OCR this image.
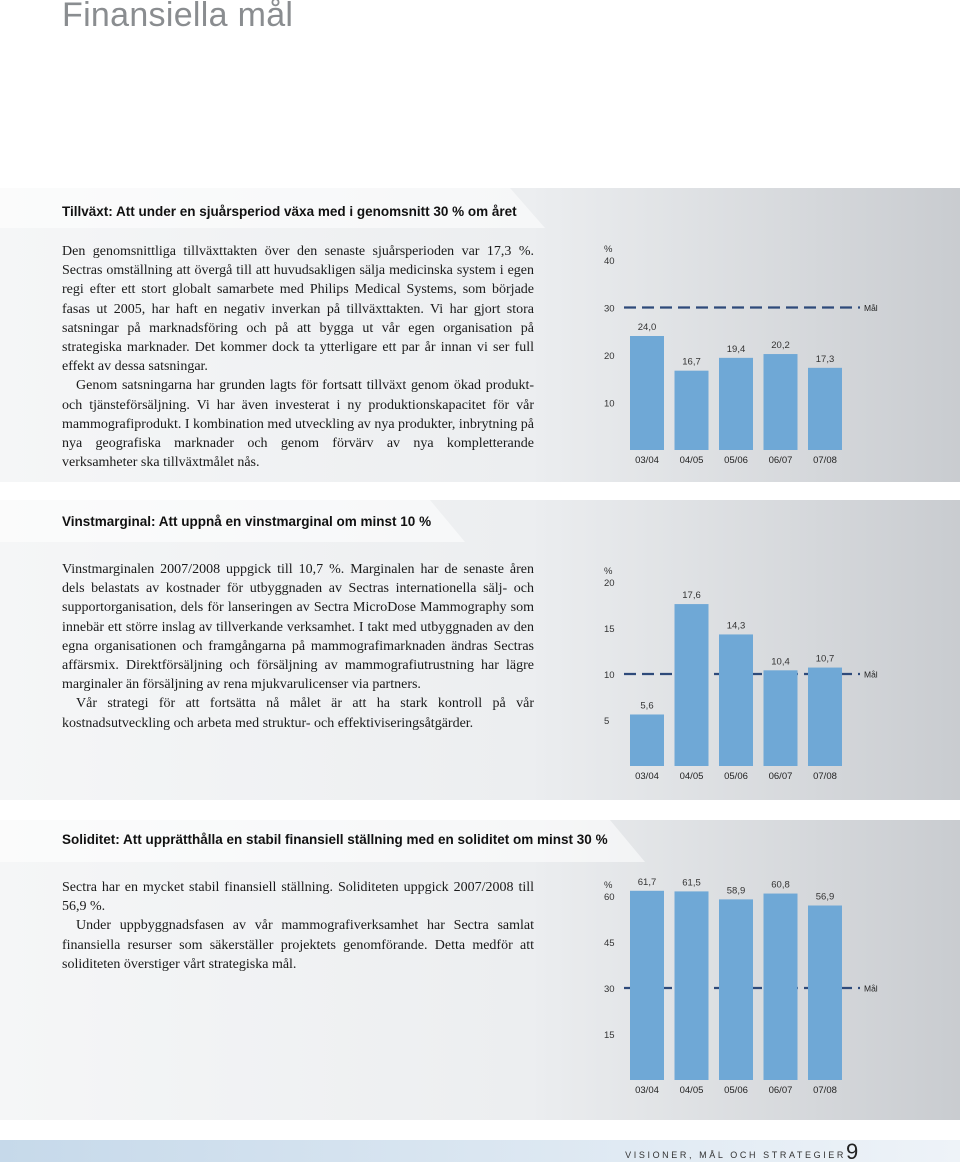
Finansiella mål
Tillväxt: Att under en sjuårsperiod växa med i genomsnitt 30 % om året

Den genomsnittliga tillväxttakten över den senaste sjuårsperioden var 17,3 %. Sectras omställning att övergå till att huvudsakligen sälja medicinska system i egen regi efter ett stort globalt samarbete med Philips Medical Systems, som började fasas ut 2005, har haft en negativ inverkan på tillväxttakten. Vi har gjort stora satsningar på marknadsföring och på att bygga ut vår egen organisation på strategiska marknader. Det kommer dock ta ytterligare ett par år innan vi ser full effekt av dessa satsningar.

Genom satsningarna har grunden lagts för fortsatt tillväxt genom ökad produkt- och tjänsteförsäljning. Vi har även investerat i ny produktionskapacitet för vår mammografiprodukt. I kombination med utveckling av nya produkter, inbrytning på nya geografiska marknader och genom förvärv av nya kompletterande verksamheter ska tillväxtmålet nås.

%
40
30
20
10
Mål
24,0
03/04
16,7
04/05
19,4
05/06
20,2
06/07
17,3
07/08
Vinstmarginal: Att uppnå en vinstmarginal om minst 10 %

Vinstmarginalen 2007/2008 uppgick till 10,7 %. Marginalen har de senaste åren dels belastats av kostnader för utbyggnaden av Sectras internationella sälj- och supportorganisation, dels för lanseringen av Sectra MicroDose Mammography som innebär ett större inslag av tillverkande verksamhet. I takt med utbyggnaden av den egna organisationen och framgångarna på mammografimarknaden ändras Sectras affärsmix. Direktförsäljning och försäljning av mammografiutrustning har lägre marginaler än försäljning av rena mjukvarulicenser via partners.

Vår strategi för att fortsätta nå målet är att ha stark kontroll på vår kostnadsutveckling och arbeta med struktur- och effektiviseringsåtgärder.

%
20
15
10
5
Mål
5,6
03/04
17,6
04/05
14,3
05/06
10,4
06/07
10,7
07/08
Soliditet: Att upprätthålla en stabil finansiell ställning med en soliditet om minst 30 %

Sectra har en mycket stabil finansiell ställning. Soliditeten uppgick 2007/2008 till 56,9 %.

Under uppbyggnadsfasen av vår mammografiverksamhet har Sectra samlat finansiella resurser som säkerställer projektets genomförande. Detta medför att soliditeten överstiger vårt strategiska mål.

%
60
45
30
15
Mål
61,7
03/04
61,5
04/05
58,9
05/06
60,8
06/07
56,9
07/08
VISIONER, MÅL OCH STRATEGIER 9
